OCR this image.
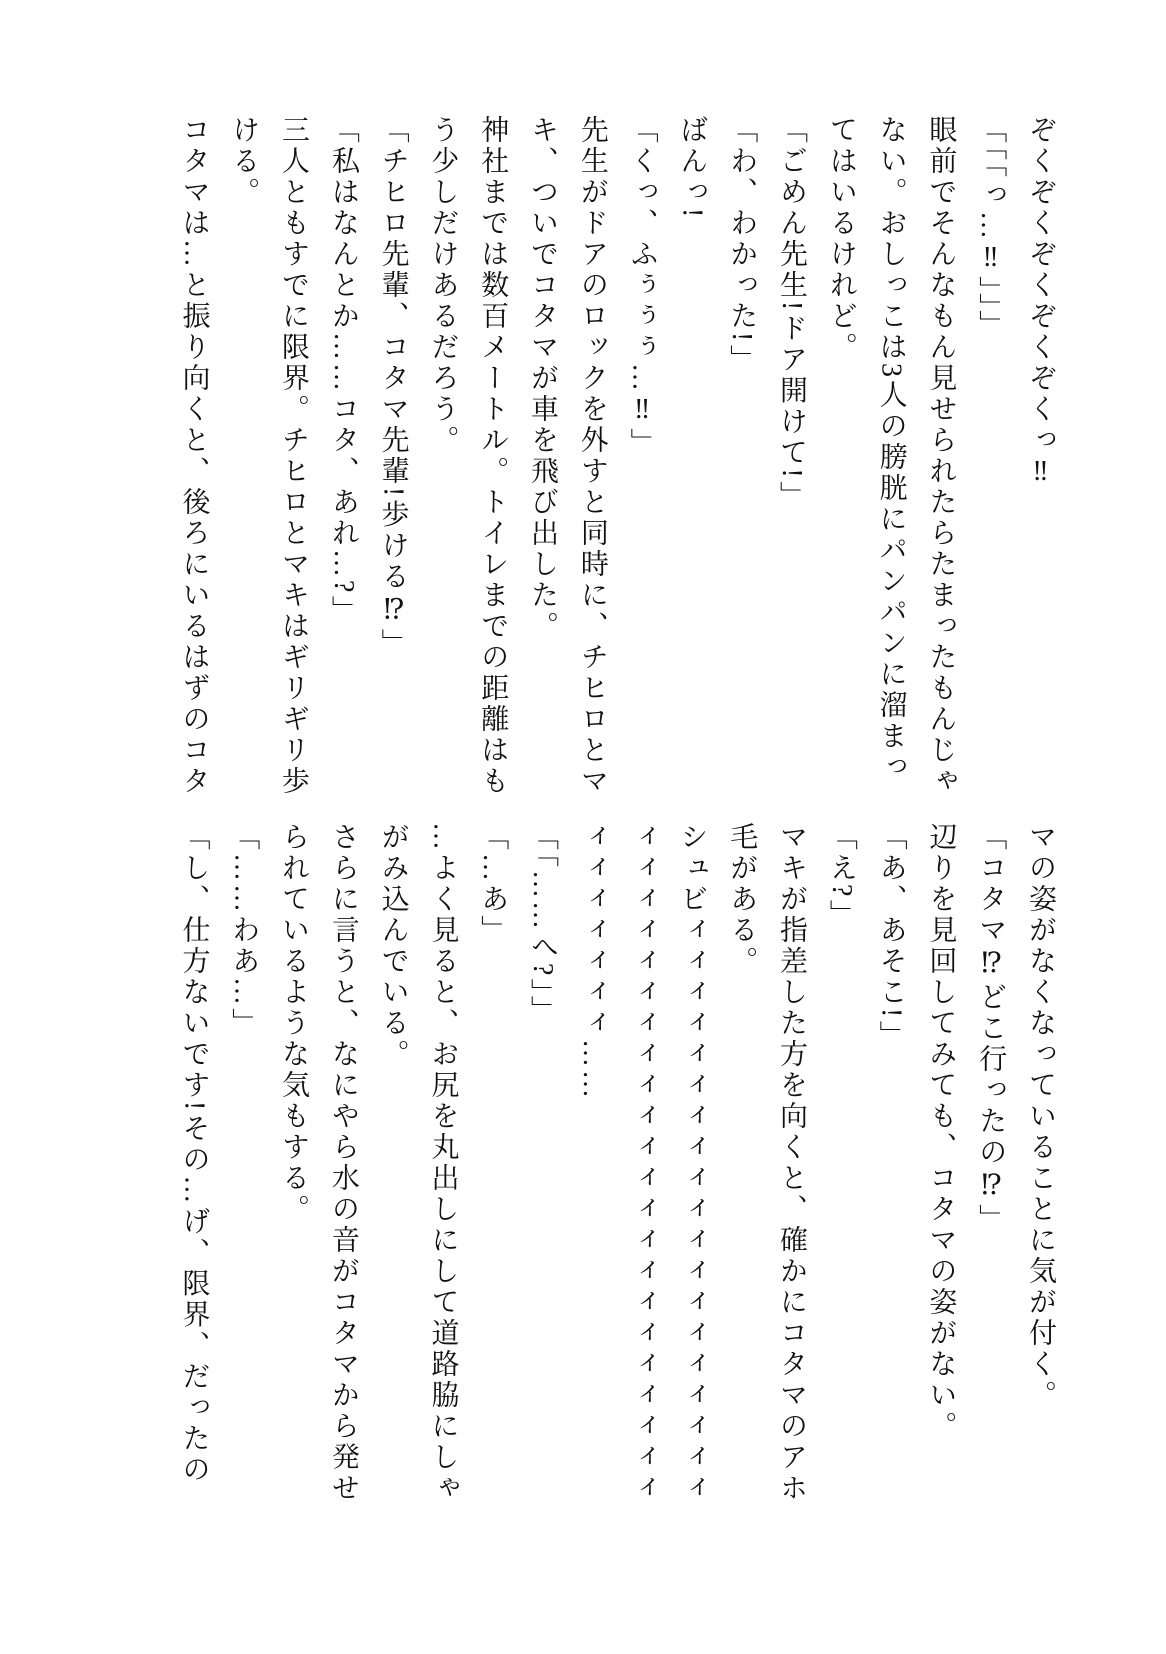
ぞくぞくぞくぞくぞくっ‼

「「「っ…‼」」」

眼前でそんなもん見せられたらたまったもんじゃ

ない。おしっこは3人の膀胱にパンパンに溜まっ

てはいるけれど。

「ごめん先生!ドア開けて!」

「わ、わかった!」

ばんっ!

「くっ、ふぅぅぅ…‼」

先生がドアのロックを外すと同時に、チヒロとマ

キ、ついでコタマが車を飛び出した。

神社までは数百メートル。トイレまでの距離はも

う少しだけあるだろう。

「チヒロ先輩、コタマ先輩!歩ける⁉」

「私はなんとか……コタ、あれ…?」

三人ともすでに限界。チヒロとマキはギリギリ歩

ける。

コタマは…と振り向くと、後ろにいるはずのコタ

マの姿がなくなっていることに気が付く。

「コタマ⁉どこ行ったの⁉」

辺りを見回してみても、コタマの姿がない。

「あ、あそこ!」

「え?」

マキが指差した方を向くと、確かにコタマのアホ

毛がある。

シュビィィィィィィィィィィィィィィィィィィィ

ィィィィィィィィィィィィィィィィィィィィィィ

ィィィィィィィ……

「「……へ?」」

「…あ」

…よく見ると、お尻を丸出しにして道路脇にしゃ

がみ込んでいる。

さらに言うと、なにやら水の音がコタマから発せ

られているような気もする。

「……わあ…」

「し、仕方ないです!その…げ、限界、だったの
